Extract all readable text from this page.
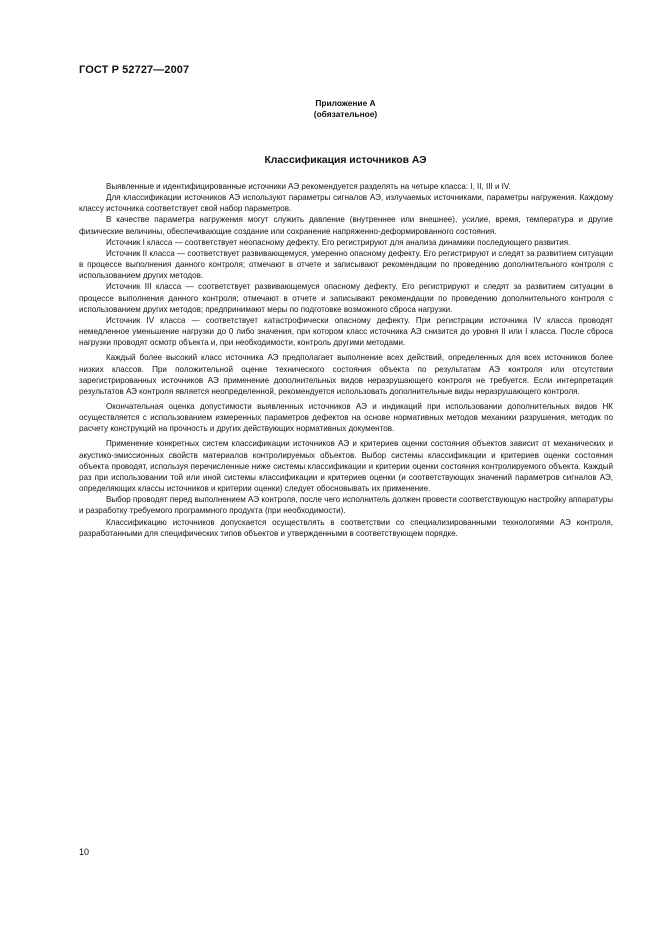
ГОСТ Р 52727—2007
Приложение А
(обязательное)
Классификация источников АЭ

Выявленные и идентифицированные источники АЭ рекомендуется разделять на четыре класса: I, II, III и IV.

Для классификации источников АЭ используют параметры сигналов АЭ, излучаемых источниками, параметры нагружения. Каждому классу источника соответствует свой набор параметров.

В качестве параметра нагружения могут служить давление (внутреннее или внешнее), усилие, время, температура и другие физические величины, обеспечивающие создание или сохранение напряженно-деформированного состояния.

Источник I класса — соответствует неопасному дефекту. Его регистрируют для анализа динамики последующего развития.

Источник II класса — соответствует развивающемуся, умеренно опасному дефекту. Его регистрируют и следят за развитием ситуации в процессе выполнения данного контроля; отмечают в отчете и записывают рекомендации по проведению дополнительного контроля с использованием других методов.

Источник III класса — соответствует развивающемуся опасному дефекту. Его регистрируют и следят за развитием ситуации в процессе выполнения данного контроля; отмечают в отчете и записывают рекомендации по проведению дополнительного контроля с использованием других методов; предпринимают меры по подготовке возможного сброса нагрузки.

Источник IV класса — соответствует катастрофически опасному дефекту. При регистрации источника IV класса проводят немедленное уменьшение нагрузки до 0 либо значения, при котором класс источника АЭ снизится до уровня II или I класса. После сброса нагрузки проводят осмотр объекта и, при необходимости, контроль другими методами.

Каждый более высокий класс источника АЭ предполагает выполнение всех действий, определенных для всех источников более низких классов. При положительной оценке технического состояния объекта по результатам АЭ контроля или отсутствии зарегистрированных источников АЭ применение дополнительных видов неразрушающего контроля не требуется. Если интерпретация результатов АЭ контроля является неопределенной, рекомендуется использовать дополнительные виды неразрушающего контроля.

Окончательная оценка допустимости выявленных источников АЭ и индикаций при использовании дополнительных видов НК осуществляется с использованием измеренных параметров дефектов на основе нормативных методов механики разрушения, методик по расчету конструкций на прочность и других действующих нормативных документов.

Применение конкретных систем классификации источников АЭ и критериев оценки состояния объектов зависит от механических и акустико-эмиссионных свойств материалов контролируемых объектов. Выбор системы классификации и критериев оценки состояния объекта проводят, используя перечисленные ниже системы классификации и критерии оценки состояния контролируемого объекта. Каждый раз при использовании той или иной системы классификации и критериев оценки (и соответствующих значений параметров сигналов АЭ, определяющих классы источников и критерии оценки) следует обосновывать их применение.

Выбор проводят перед выполнением АЭ контроля, после чего исполнитель должен провести соответствующую настройку аппаратуры и разработку требуемого программного продукта (при необходимости).

Классификацию источников допускается осуществлять в соответствии со специализированными технологиями АЭ контроля, разработанными для специфических типов объектов и утвержденными в соответствующем порядке.

10
